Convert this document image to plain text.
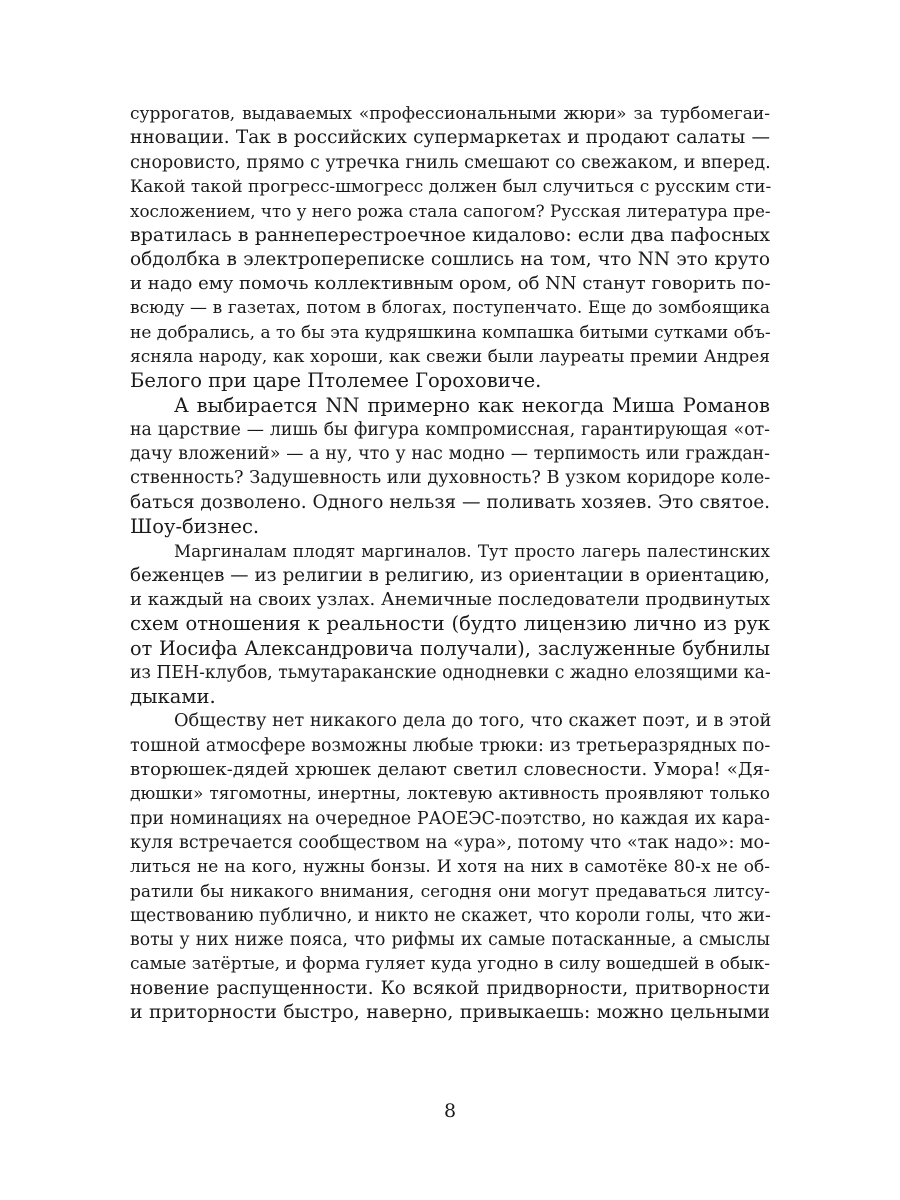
суррогатов, выдаваемых «профессиональными жюри» за турбомегаи-
нновации. Так в российских супермаркетах и продают салаты —
сноровисто, прямо с утречка гниль смешают со свежаком, и вперед.
Какой такой прогресс-шмогресс должен был случиться с русским сти-
хосложением, что у него рожа стала сапогом? Русская литература пре-
вратилась в раннеперестроечное кидалово: если два пафосных
обдолбка в электропереписке сошлись на том, что NN это круто
и надо ему помочь коллективным ором, об NN станут говорить по-
всюду — в газетах, потом в блогах, поступенчато. Еще до зомбоящика
не добрались, а то бы эта кудряшкина компашка битыми сутками объ-
ясняла народу, как хороши, как свежи были лауреаты премии Андрея
Белого при царе Птолемее Гороховиче.
А выбирается NN примерно как некогда Миша Романов
на царствие — лишь бы фигура компромиссная, гарантирующая «от-
дачу вложений» — а ну, что у нас модно — терпимость или граждан-
ственность? Задушевность или духовность? В узком коридоре коле-
баться дозволено. Одного нельзя — поливать хозяев. Это святое.
Шоу-бизнес.
Маргиналам плодят маргиналов. Тут просто лагерь палестинских
беженцев — из религии в религию, из ориентации в ориентацию,
и каждый на своих узлах. Анемичные последователи продвинутых
схем отношения к реальности (будто лицензию лично из рук
от Иосифа Александровича получали), заслуженные бубнилы
из ПЕН-клубов, тьмутараканские однодневки с жадно елозящими ка-
дыками.
Обществу нет никакого дела до того, что скажет поэт, и в этой
тошной атмосфере возможны любые трюки: из третьеразрядных по-
вторюшек-дядей хрюшек делают светил словесности. Умора! «Дя-
дюшки» тягомотны, инертны, локтевую активность проявляют только
при номинациях на очередное РАОЕЭС-поэтство, но каждая их кара-
куля встречается сообществом на «ура», потому что «так надо»: мо-
литься не на кого, нужны бонзы. И хотя на них в самотёке 80-х не об-
ратили бы никакого внимания, сегодня они могут предаваться литсу-
ществованию публично, и никто не скажет, что короли голы, что жи-
воты у них ниже пояса, что рифмы их самые потасканные, а смыслы
самые затёртые, и форма гуляет куда угодно в силу вошедшей в обык-
новение распущенности. Ко всякой придворности, притворности
и приторности быстро, наверно, привыкаешь: можно цельными
8
